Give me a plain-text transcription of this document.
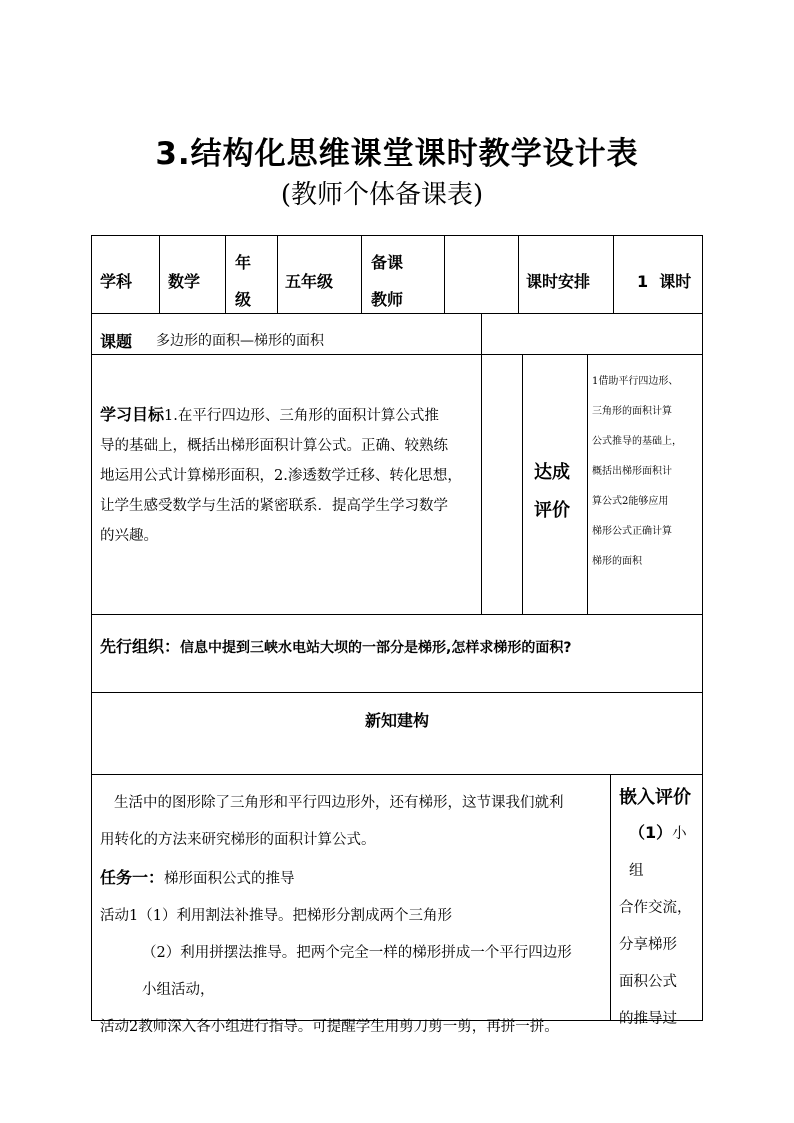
3.结构化思维课堂课时教学设计表
(教师个体备课表)
学科 数学
年
级
五年级
备课
教师
课时安排	1  课时
课题 多边形的面积—梯形的面积
学习目标1.在平行四边形、三角形的面积计算公式推
导的基础上，概括出梯形面积计算公式。正确、较熟练
地运用公式计算梯形面积，2.渗透数学迁移、转化思想，
让学生感受数学与生活的紧密联系．提高学生学习数学
的兴趣。
达成
评价
1借助平行四边形、
三角形的面积计算
公式推导的基础上，
概括出梯形面积计
算公式2能够应用
梯形公式正确计算
梯形的面积
先行组织：信息中提到三峡水电站大坝的一部分是梯形,怎样求梯形的面积?
新知建构
生活中的图形除了三角形和平行四边形外，还有梯形，这节课我们就利
用转化的方法来研究梯形的面积计算公式。
任务一：梯形面积公式的推导
活动1（1）利用割法补推导。把梯形分割成两个三角形
（2）利用拼摆法推导。把两个完全一样的梯形拼成一个平行四边形
小组活动，
活动2教师深入各小组进行指导。可提醒学生用剪刀剪一剪，再拼一拼。
嵌入评价
（1）小组
合作交流，
分享梯形
面积公式
的推导过
